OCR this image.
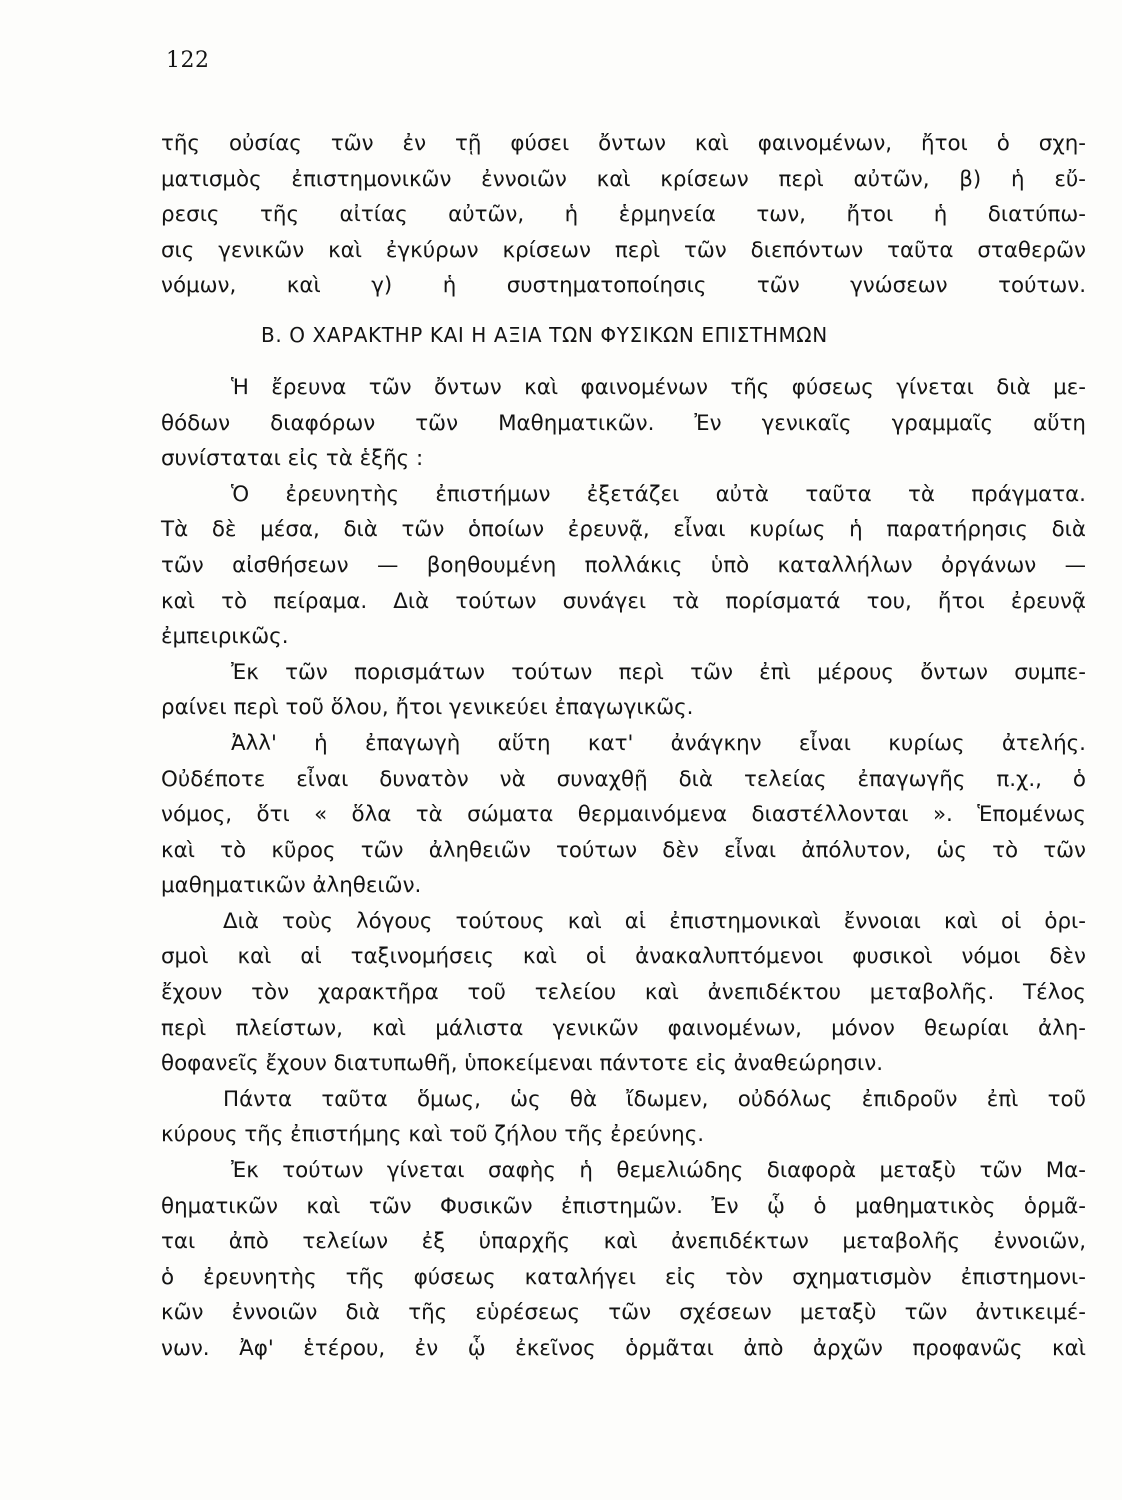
122
τῆς οὐσίας τῶν ἐν τῇ φύσει ὄντων καὶ φαινομένων, ἤτοι ὁ σχη-
ματισμὸς ἐπιστημονικῶν ἐννοιῶν καὶ κρίσεων περὶ αὐτῶν, β) ἡ εὔ-
ρεσις τῆς αἰτίας αὐτῶν, ἡ ἑρμηνεία των, ἤτοι ἡ διατύπω-
σις γενικῶν καὶ ἐγκύρων κρίσεων περὶ τῶν διεπόντων ταῦτα σταθερῶν
νόμων, καὶ γ) ἡ συστηματοποίησις τῶν γνώσεων τούτων.
Β. Ο ΧΑΡΑΚΤΗΡ ΚΑΙ Η ΑΞΙΑ ΤΩΝ ΦΥΣΙΚΩΝ ΕΠΙΣΤΗΜΩΝ
Ἡ ἔρευνα τῶν ὄντων καὶ φαινομένων τῆς φύσεως γίνεται διὰ με-
θόδων διαφόρων τῶν Μαθηματικῶν. Ἐν γενικαῖς γραμμαῖς αὕτη
συνίσταται εἰς τὰ ἑξῆς :
Ὁ ἐρευνητὴς ἐπιστήμων ἐξετάζει αὐτὰ ταῦτα τὰ πράγματα.
Τὰ δὲ μέσα, διὰ τῶν ὁποίων ἐρευνᾷ, εἶναι κυρίως ἡ παρατήρησις διὰ
τῶν αἰσθήσεων — βοηθουμένη πολλάκις ὑπὸ καταλλήλων ὀργάνων —
καὶ τὸ πείραμα. Διὰ τούτων συνάγει τὰ πορίσματά του, ἤτοι ἐρευνᾷ
ἐμπειρικῶς.
Ἐκ τῶν πορισμάτων τούτων περὶ τῶν ἐπὶ μέρους ὄντων συμπε-
ραίνει περὶ τοῦ ὅλου, ἤτοι γενικεύει ἐπαγωγικῶς.
Ἀλλ' ἡ ἐπαγωγὴ αὕτη κατ' ἀνάγκην εἶναι κυρίως ἀτελής.
Οὐδέποτε εἶναι δυνατὸν νὰ συναχθῇ διὰ τελείας ἐπαγωγῆς π.χ., ὁ
νόμος, ὅτι « ὅλα τὰ σώματα θερμαινόμενα διαστέλλονται ». Ἑπομένως
καὶ τὸ κῦρος τῶν ἀληθειῶν τούτων δὲν εἶναι ἀπόλυτον, ὡς τὸ τῶν
μαθηματικῶν ἀληθειῶν.
Διὰ τοὺς λόγους τούτους καὶ αἱ ἐπιστημονικαὶ ἔννοιαι καὶ οἱ ὁρι-
σμοὶ καὶ αἱ ταξινομήσεις καὶ οἱ ἀνακαλυπτόμενοι φυσικοὶ νόμοι δὲν
ἔχουν τὸν χαρακτῆρα τοῦ τελείου καὶ ἀνεπιδέκτου μεταβολῆς. Τέλος
περὶ πλείστων, καὶ μάλιστα γενικῶν φαινομένων, μόνον θεωρίαι ἀλη-
θοφανεῖς ἔχουν διατυπωθῆ, ὑποκείμεναι πάντοτε εἰς ἀναθεώρησιν.
Πάντα ταῦτα ὅμως, ὡς θὰ ἴδωμεν, οὐδόλως ἐπιδροῦν ἐπὶ τοῦ
κύρους τῆς ἐπιστήμης καὶ τοῦ ζήλου τῆς ἐρεύνης.
Ἐκ τούτων γίνεται σαφὴς ἡ θεμελιώδης διαφορὰ μεταξὺ τῶν Μα-
θηματικῶν καὶ τῶν Φυσικῶν ἐπιστημῶν. Ἐν ᾧ ὁ μαθηματικὸς ὁρμᾶ-
ται ἀπὸ τελείων ἐξ ὑπαρχῆς καὶ ἀνεπιδέκτων μεταβολῆς ἐννοιῶν,
ὁ ἐρευνητὴς τῆς φύσεως καταλήγει εἰς τὸν σχηματισμὸν ἐπιστημονι-
κῶν ἐννοιῶν διὰ τῆς εὑρέσεως τῶν σχέσεων μεταξὺ τῶν ἀντικειμέ-
νων. Ἀφ' ἑτέρου, ἐν ᾧ ἐκεῖνος ὁρμᾶται ἀπὸ ἀρχῶν προφανῶς καὶ
